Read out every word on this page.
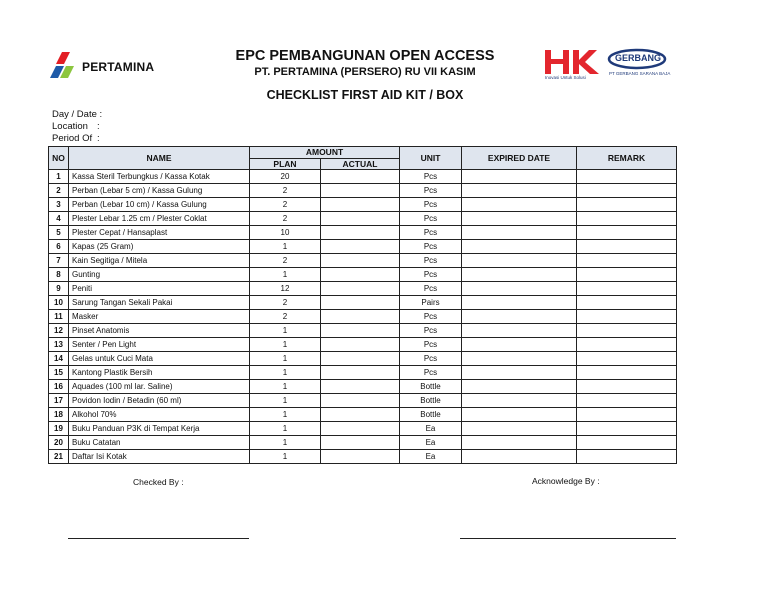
PERTAMINA
EPC PEMBANGUNAN OPEN ACCESS
PT. PERTAMINA (PERSERO) RU VII KASIM
CHECKLIST FIRST AID KIT / BOX
Inovasi Untuk Solusi
GERBANG
PT GERBANG SARANA BAJA
Day / Date :
Location :
Period Of :
NO	NAME	AMOUNT		UNIT	EXPIRED DATE	REMARK
		PLAN	ACTUAL			
1	Kassa Steril Terbungkus / Kassa Kotak	20		Pcs		
2	Perban (Lebar 5 cm) / Kassa Gulung	2		Pcs		
3	Perban (Lebar 10 cm) / Kassa Gulung	2		Pcs		
4	Plester Lebar 1.25 cm / Plester Coklat	2		Pcs		
5	Plester Cepat / Hansaplast	10		Pcs		
6	Kapas (25 Gram)	1		Pcs		
7	Kain Segitiga / Mitela	2		Pcs		
8	Gunting	1		Pcs		
9	Peniti	12		Pcs		
10	Sarung Tangan Sekali Pakai	2		Pairs		
11	Masker	2		Pcs		
12	Pinset Anatomis	1		Pcs		
13	Senter / Pen Light	1		Pcs		
14	Gelas untuk Cuci Mata	1		Pcs		
15	Kantong Plastik Bersih	1		Pcs		
16	Aquades (100 ml lar. Saline)	1		Bottle		
17	Povidon Iodin / Betadin (60 ml)	1		Bottle		
18	Alkohol 70%	1		Bottle		
19	Buku Panduan P3K di Tempat Kerja	1		Ea		
20	Buku Catatan	1		Ea		
21	Daftar Isi Kotak	1		Ea		
Checked By :	Acknowledge By :
